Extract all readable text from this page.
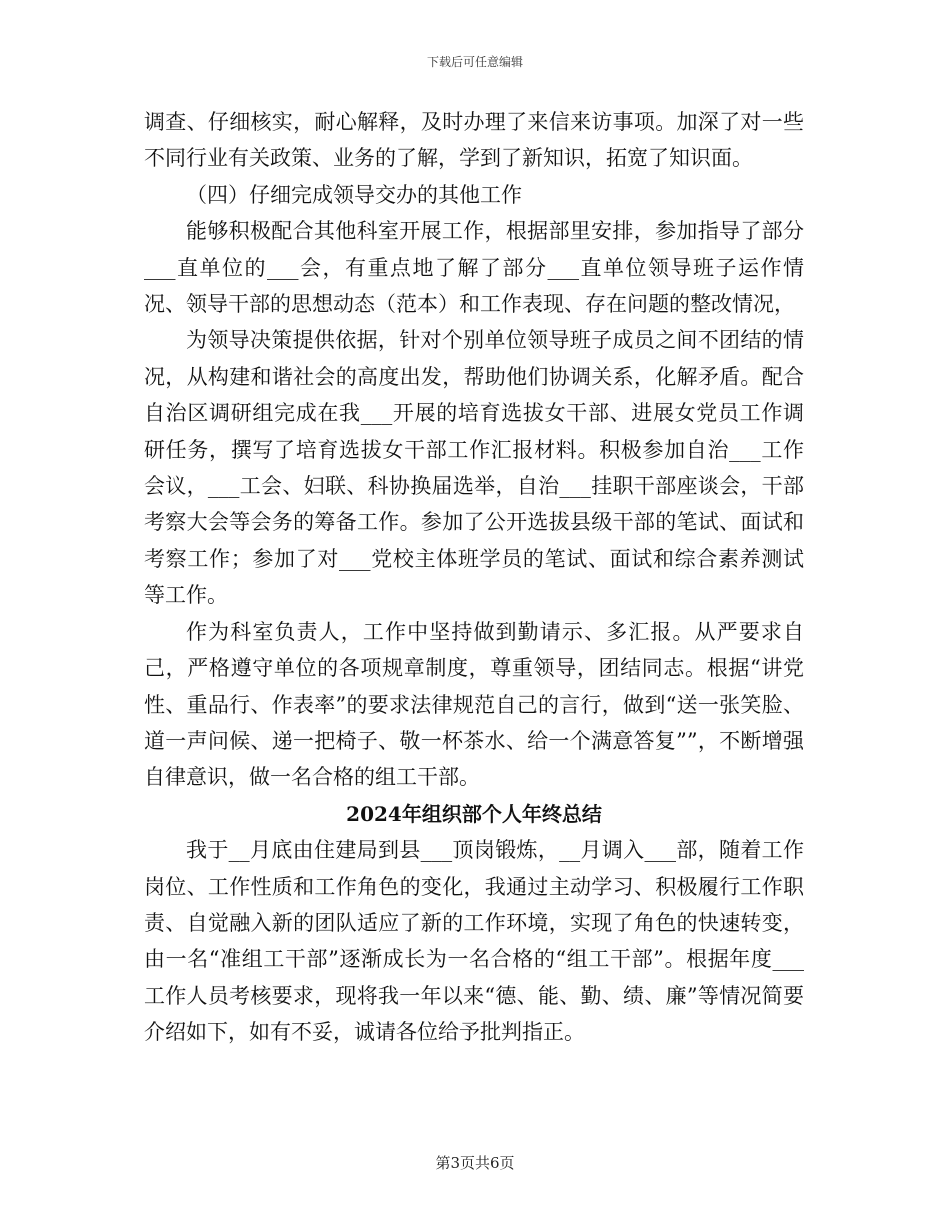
下载后可任意编辑

调查、仔细核实，耐心解释，及时办理了来信来访事项。加深了对一些不同行业有关政策、业务的了解，学到了新知识，拓宽了知识面。

（四）仔细完成领导交办的其他工作

能够积极配合其他科室开展工作，根据部里安排，参加指导了部分___直单位的___会，有重点地了解了部分___直单位领导班子运作情况、领导干部的思想动态（范本）和工作表现、存在问题的整改情况，

为领导决策提供依据，针对个别单位领导班子成员之间不团结的情况，从构建和谐社会的高度出发，帮助他们协调关系，化解矛盾。配合自治区调研组完成在我___开展的培育选拔女干部、进展女党员工作调研任务，撰写了培育选拔女干部工作汇报材料。积极参加自治___工作会议，___工会、妇联、科协换届选举，自治___挂职干部座谈会，干部考察大会等会务的筹备工作。参加了公开选拔县级干部的笔试、面试和考察工作；参加了对___党校主体班学员的笔试、面试和综合素养测试等工作。

作为科室负责人，工作中坚持做到勤请示、多汇报。从严要求自己，严格遵守单位的各项规章制度，尊重领导，团结同志。根据“讲党性、重品行、作表率”的要求法律规范自己的言行，做到“送一张笑脸、道一声问候、递一把椅子、敬一杯茶水、给一个满意答复””，不断增强自律意识，做一名合格的组工干部。

2024年组织部个人年终总结

我于__月底由住建局到县___顶岗锻炼，__月调入___部，随着工作岗位、工作性质和工作角色的变化，我通过主动学习、积极履行工作职责、自觉融入新的团队适应了新的工作环境，实现了角色的快速转变，由一名“准组工干部”逐渐成长为一名合格的“组工干部”。根据年度___工作人员考核要求，现将我一年以来“德、能、勤、绩、廉”等情况简要介绍如下，如有不妥，诚请各位给予批判指正。

第3页共6页
